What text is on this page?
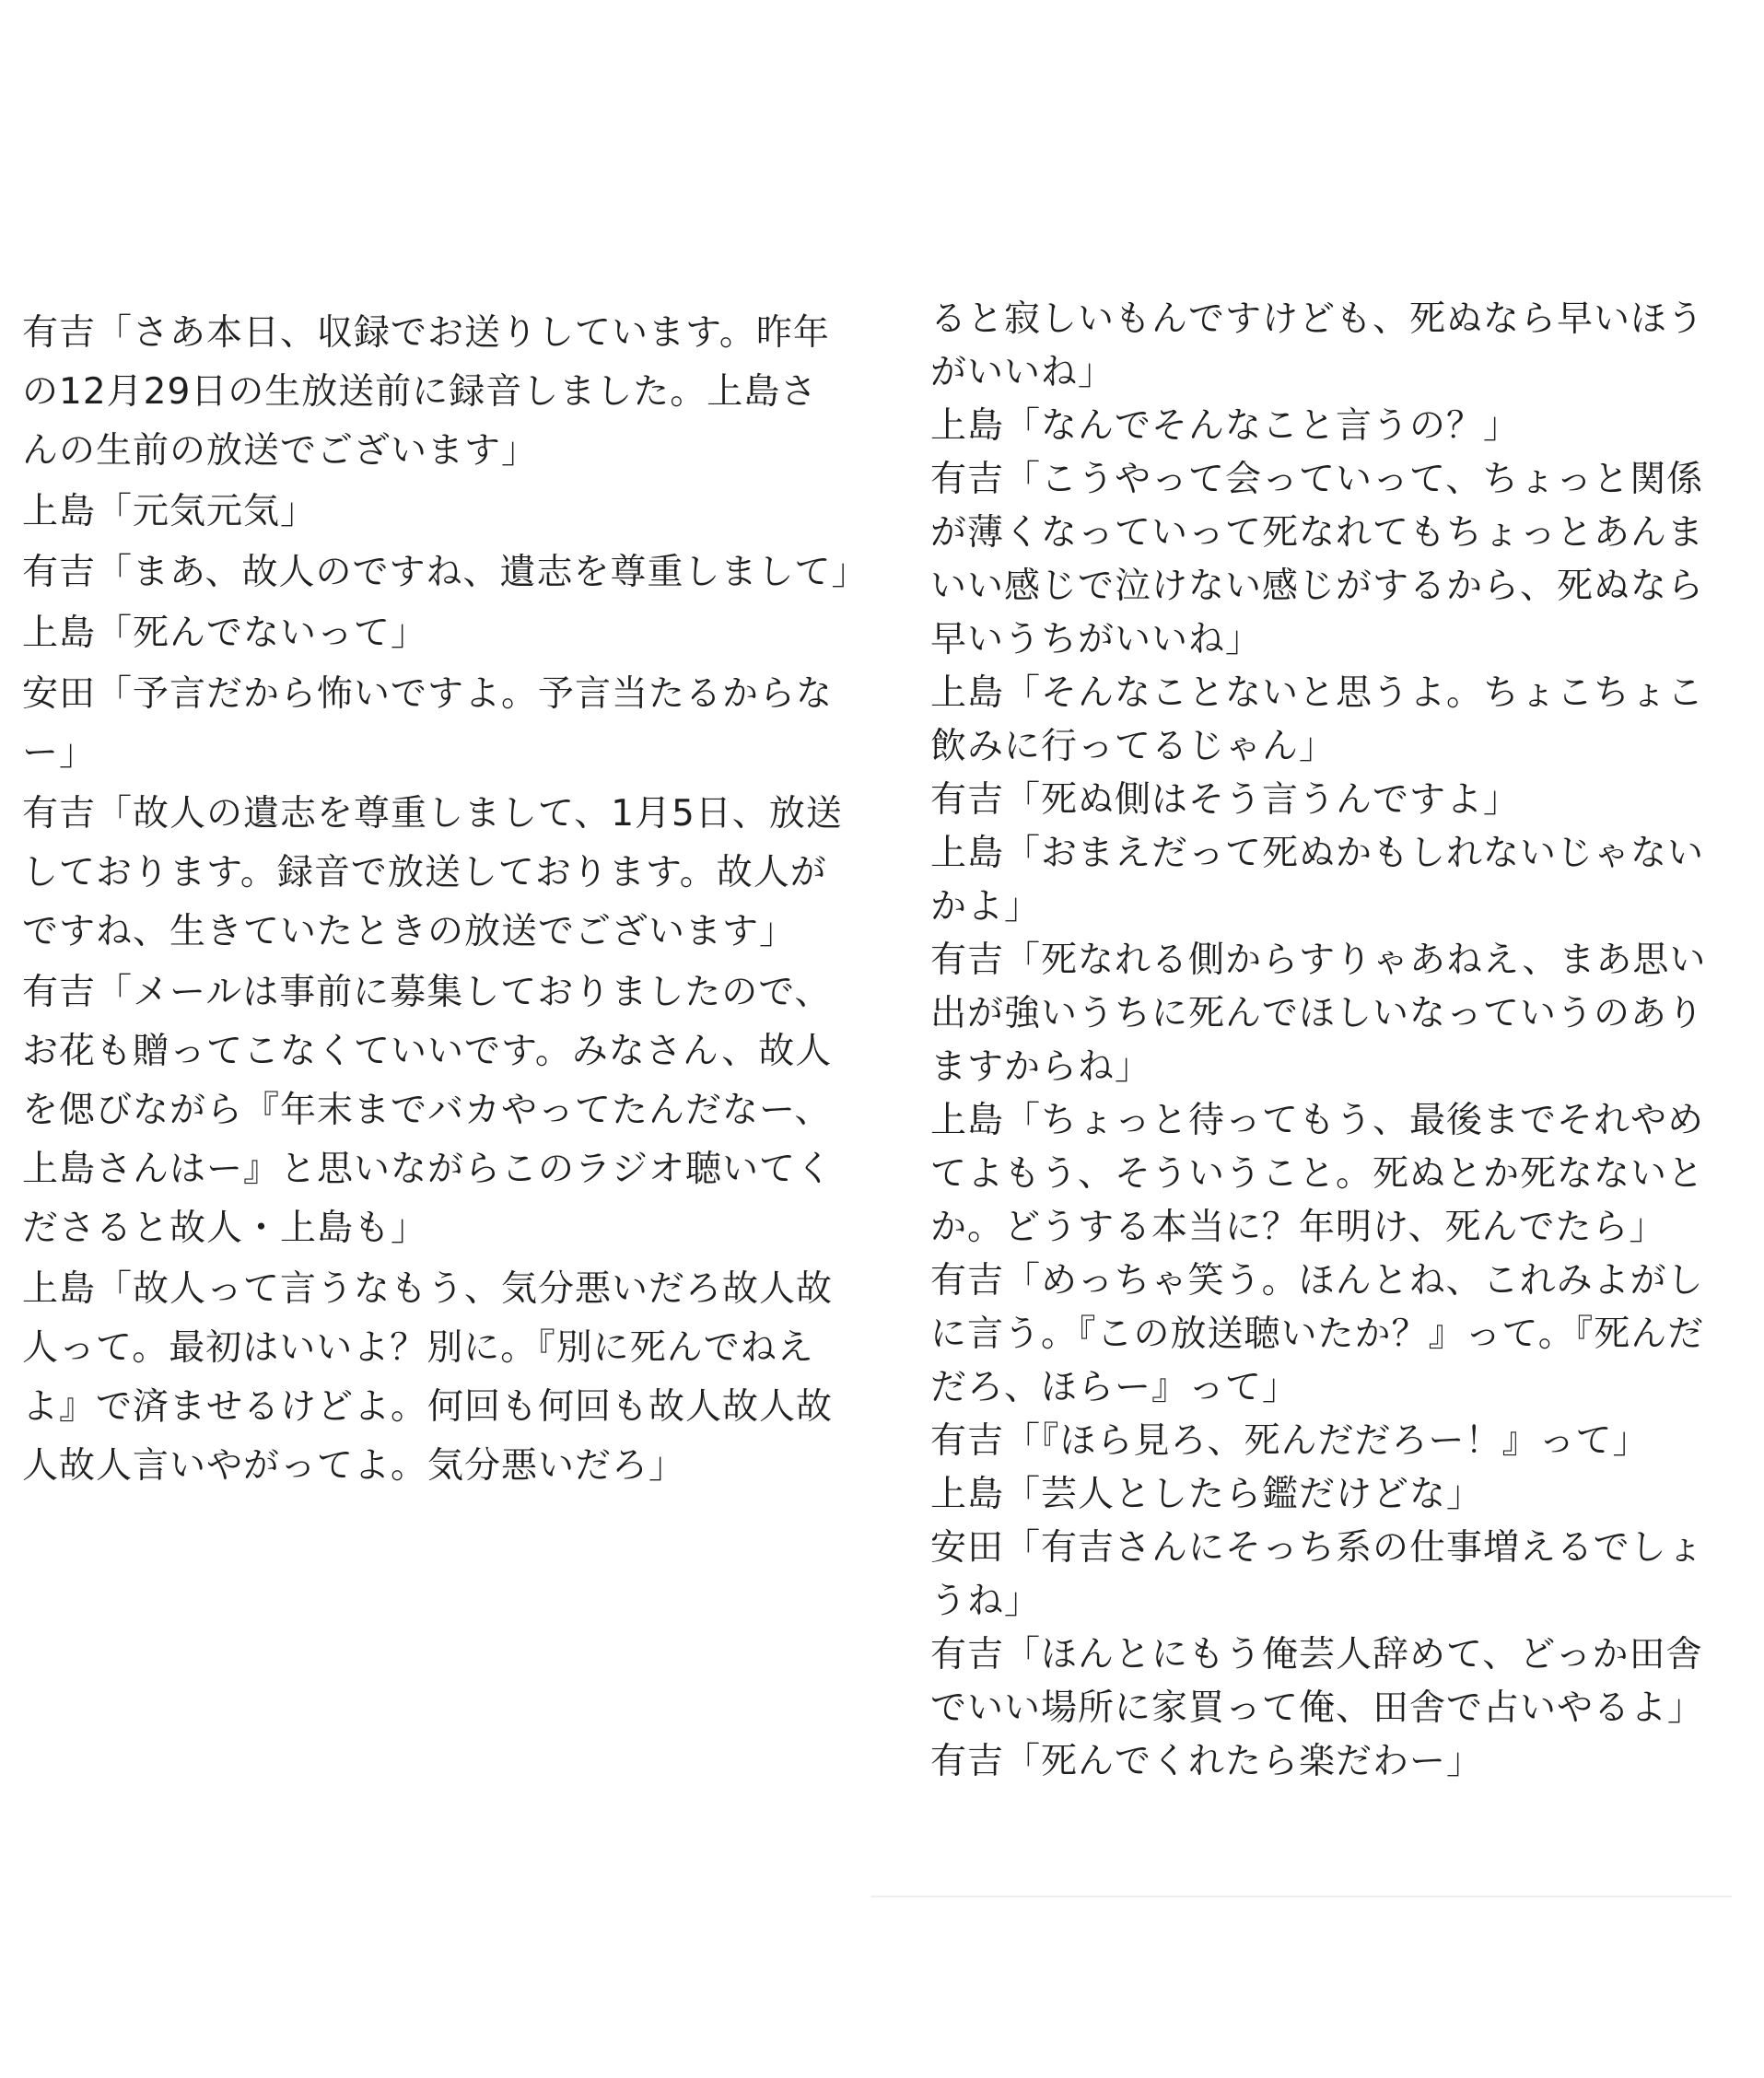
有吉「さあ本日、収録でお送りしています。昨年の12月29日の生放送前に録音しました。上島さんの生前の放送でございます」

上島「元気元気」

有吉「まあ、故人のですね、遺志を尊重しまして」

上島「死んでないって」

安田「予言だから怖いですよ。予言当たるからなー」

有吉「故人の遺志を尊重しまして、1月5日、放送しております。録音で放送しております。故人がですね、生きていたときの放送でございます」

有吉「メールは事前に募集しておりましたので、お花も贈ってこなくていいです。みなさん、故人を偲びながら『年末までバカやってたんだなー、上島さんはー』と思いながらこのラジオ聴いてくださると故人・上島も」

上島「故人って言うなもう、気分悪いだろ故人故人って。最初はいいよ？別に。『別に死んでねえよ』で済ませるけどよ。何回も何回も故人故人故人故人言いやがってよ。気分悪いだろ」

ると寂しいもんですけども、死ぬなら早いほうがいいね」

上島「なんでそんなこと言うの？」

有吉「こうやって会っていって、ちょっと関係が薄くなっていって死なれてもちょっとあんまいい感じで泣けない感じがするから、死ぬなら早いうちがいいね」

上島「そんなことないと思うよ。ちょこちょこ飲みに行ってるじゃん」

有吉「死ぬ側はそう言うんですよ」

上島「おまえだって死ぬかもしれないじゃないかよ」

有吉「死なれる側からすりゃあねえ、まあ思い出が強いうちに死んでほしいなっていうのありますからね」

上島「ちょっと待ってもう、最後までそれやめてよもう、そういうこと。死ぬとか死なないとか。どうする本当に？年明け、死んでたら」

有吉「めっちゃ笑う。ほんとね、これみよがしに言う。『この放送聴いたか？』って。『死んだだろ、ほらー』って」

有吉「『ほら見ろ、死んだだろー！』って」

上島「芸人としたら鑑だけどな」

安田「有吉さんにそっち系の仕事増えるでしょうね」

有吉「ほんとにもう俺芸人辞めて、どっか田舎でいい場所に家買って俺、田舎で占いやるよ」

有吉「死んでくれたら楽だわー」
